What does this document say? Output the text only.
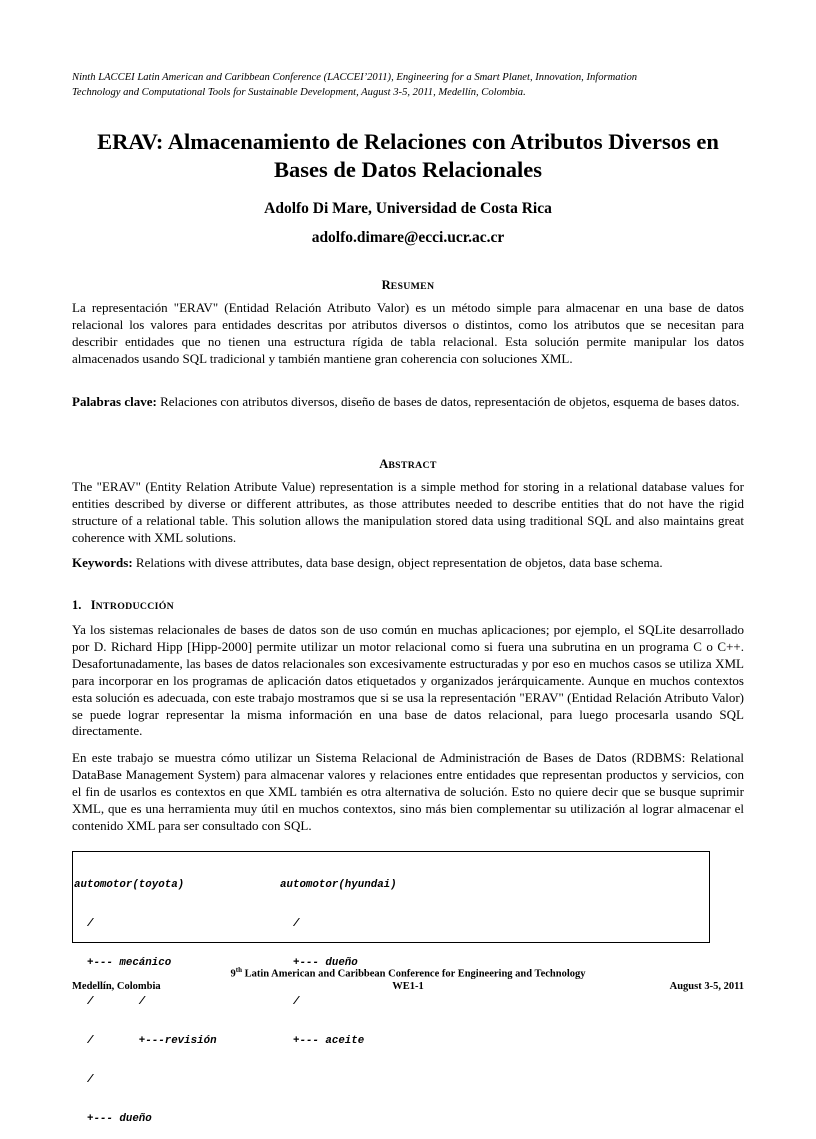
Ninth LACCEI Latin American and Caribbean Conference (LACCEI’2011), Engineering for a Smart Planet, Innovation, Information
Technology and Computational Tools for Sustainable Development, August 3-5, 2011, Medellín, Colombia.
ERAV: Almacenamiento de Relaciones con Atributos Diversos en
Bases de Datos Relacionales
Adolfo Di Mare, Universidad de Costa Rica
adolfo.dimare@ecci.ucr.ac.cr
RESUMEN
La representación "ERAV" (Entidad Relación Atributo Valor) es un método simple para almacenar en una base de datos relacional los valores para entidades descritas por atributos diversos o distintos, como los atributos que se necesitan para describir entidades que no tienen una estructura rígida de tabla relacional. Esta solución permite manipular los datos almacenados usando SQL tradicional y también mantiene gran coherencia con soluciones XML.
Palabras clave: Relaciones con atributos diversos, diseño de bases de datos, representación de objetos, esquema de bases datos.
ABSTRACT
The "ERAV" (Entity Relation Atribute Value) representation is a simple method for storing in a relational database values for entities described by diverse or different attributes, as those attributes needed to describe entities that do not have the rigid structure of a relational table. This solution allows the manipulation stored data using traditional SQL and also maintains great coherence with XML solutions.
Keywords: Relations with divese attributes, data base design, object representation de objetos, data base schema.
1. INTRODUCCIÓN
Ya los sistemas relacionales de bases de datos son de uso común en muchas aplicaciones; por ejemplo, el SQLite desarrollado por D. Richard Hipp [Hipp-2000] permite utilizar un motor relacional como si fuera una subrutina en un programa C o C++. Desafortunadamente, las bases de datos relacionales son excesivamente estructuradas y por eso en muchos casos se utiliza XML para incorporar en los programas de aplicación datos etiquetados y organizados jerárquicamente. Aunque en muchos contextos esta solución es adecuada, con este trabajo mostramos que si se usa la representación "ERAV" (Entidad Relación Atributo Valor) se puede lograr representar la misma información en una base de datos relacional, para luego procesarla usando SQL directamente.
En este trabajo se muestra cómo utilizar un Sistema Relacional de Administración de Bases de Datos (RDBMS: Relational DataBase Management System) para almacenar valores y relaciones entre entidades que representan productos y servicios, con el fin de usarlos es contextos en que XML también es otra alternativa de solución. Esto no quiere decir que se busque suprimir XML, que es una herramienta muy útil en muchos contextos, sino más bien complementar su utilización al lograr almacenar el contenido XML para ser consultado con SQL.

automotor(toyota)

/

+--- mecánico

/       /

/       +---revisión

/

+--- dueño

automotor(hyundai)

/

+--- dueño

/

+--- aceite

9th Latin American and Caribbean Conference for Engineering and Technology
Medellín, Colombia	WE1-1	August 3-5, 2011
